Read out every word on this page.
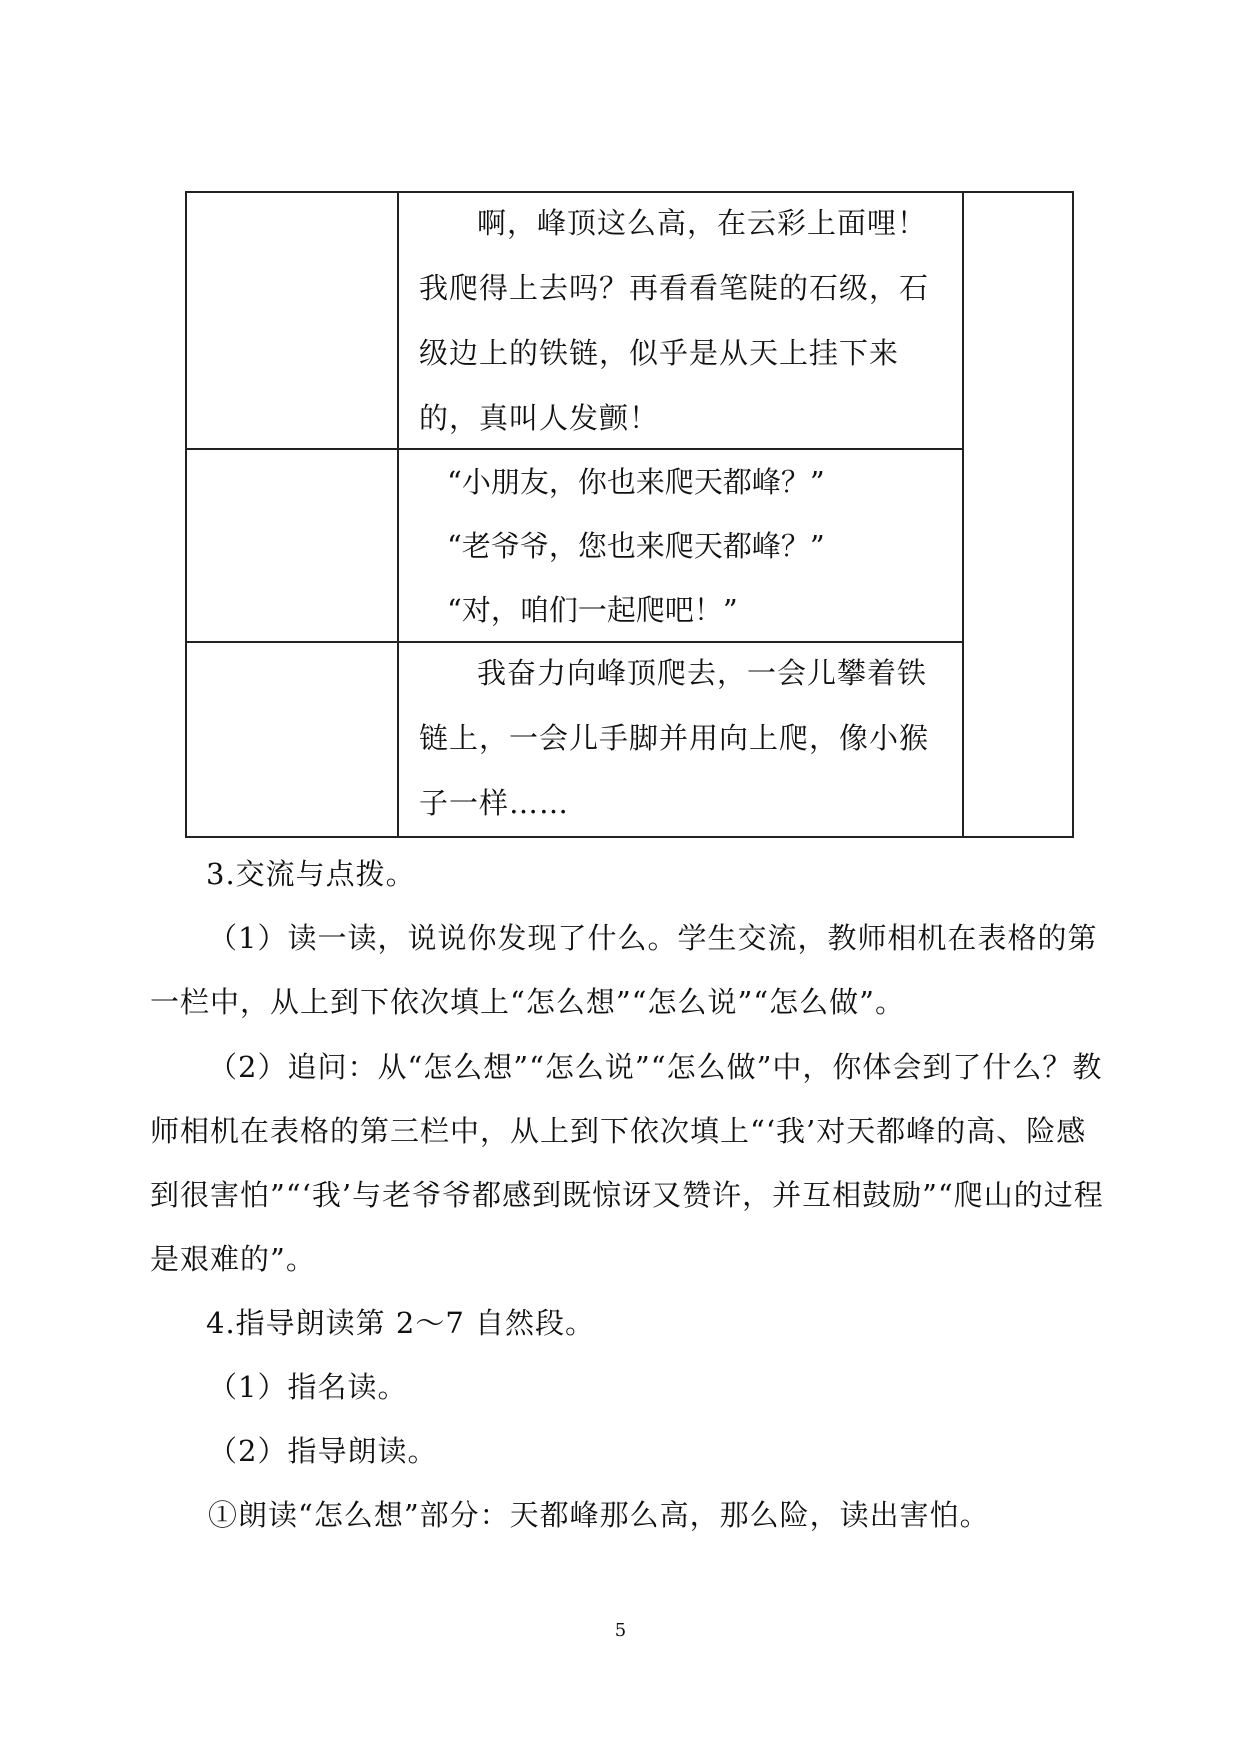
啊，峰顶这么高，在云彩上面哩！我爬得上去吗？再看看笔陡的石级，石级边上的铁链，似乎是从天上挂下来的，真叫人发颤！
“小朋友，你也来爬天都峰？”
“老爷爷，您也来爬天都峰？”
“对，咱们一起爬吧！”
我奋力向峰顶爬去，一会儿攀着铁链上，一会儿手脚并用向上爬，像小猴子一样……
3.交流与点拨。
（1）读一读，说说你发现了什么。学生交流，教师相机在表格的第一栏中，从上到下依次填上“怎么想”“怎么说”“怎么做”。
（2）追问：从“怎么想”“怎么说”“怎么做”中，你体会到了什么？教师相机在表格的第三栏中，从上到下依次填上“‘我’对天都峰的高、险感到很害怕”“‘我’与老爷爷都感到既惊讶又赞许，并互相鼓励”“爬山的过程是艰难的”。
4.指导朗读第 2～7 自然段。
（1）指名读。
（2）指导朗读。
①朗读“怎么想”部分：天都峰那么高，那么险，读出害怕。
5
